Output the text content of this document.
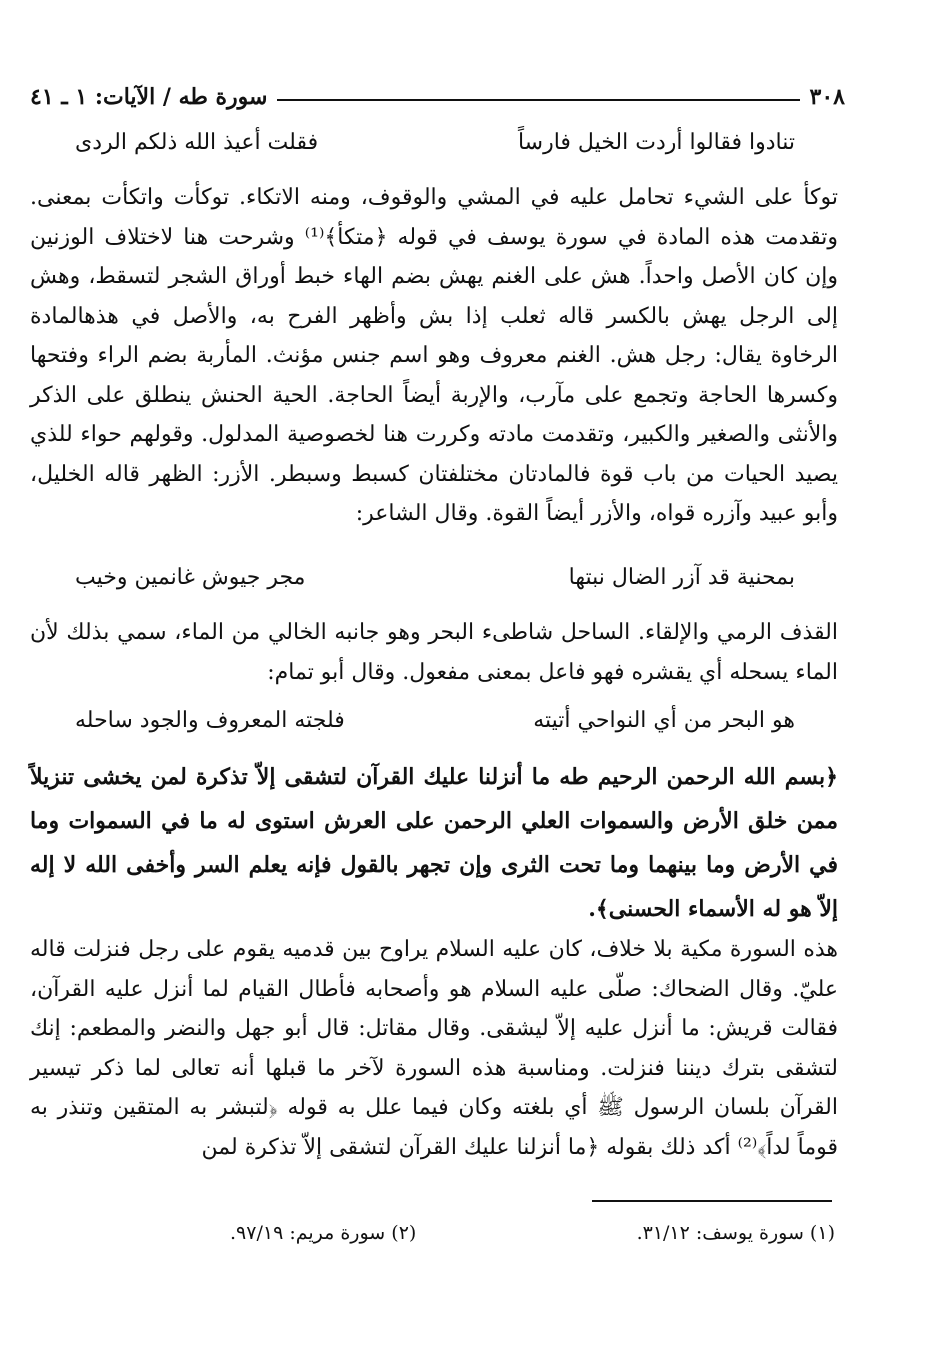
٣٠٨
سورة طه / الآيات: ١ ـ ٤١
تنادوا فقالوا أردت الخيل فارساً
فقلت أعيذ الله ذلكم الردى
توكأ على الشيء تحامل عليه في المشي والوقوف، ومنه الاتكاء. توكأت واتكأت بمعنى. وتقدمت هذه المادة في سورة يوسف في قوله ﴿متكأ﴾⁽¹⁾ وشرحت هنا لاختلاف الوزنين وإن كان الأصل واحداً. هش على الغنم يهش بضم الهاء خبط أوراق الشجر لتسقط، وهش إلى الرجل يهش بالكسر قاله ثعلب إذا بش وأظهر الفرح به، والأصل في هذهالمادة الرخاوة يقال: رجل هش. الغنم معروف وهو اسم جنس مؤنث. المأربة بضم الراء وفتحها وكسرها الحاجة وتجمع على مآرب، والإربة أيضاً الحاجة. الحية الحنش ينطلق على الذكر والأنثى والصغير والكبير، وتقدمت مادته وكررت هنا لخصوصية المدلول. وقولهم حواء للذي يصيد الحيات من باب قوة فالمادتان مختلفتان كسبط وسبطر. الأزر: الظهر قاله الخليل، وأبو عبيد وآزره قواه، والأزر أيضاً القوة. وقال الشاعر:
بمحنية قد آزر الضال نبتها
مجر جيوش غانمين وخيب
القذف الرمي والإلقاء. الساحل شاطىء البحر وهو جانبه الخالي من الماء، سمي بذلك لأن الماء يسحله أي يقشره فهو فاعل بمعنى مفعول. وقال أبو تمام:
هو البحر من أي النواحي أتيته
فلجته المعروف والجود ساحله
﴿بسم الله الرحمن الرحيم طه ما أنزلنا عليك القرآن لتشقى إلاّ تذكرة لمن يخشى تنزيلاً ممن خلق الأرض والسموات العلي الرحمن على العرش استوى له ما في السموات وما في الأرض وما بينهما وما تحت الثرى وإن تجهر بالقول فإنه يعلم السر وأخفى الله لا إله إلاّ هو له الأسماء الحسنى﴾.
هذه السورة مكية بلا خلاف، كان عليه السلام يراوح بين قدميه يقوم على رجل فنزلت قاله عليّ. وقال الضحاك: صلّى عليه السلام هو وأصحابه فأطال القيام لما أنزل عليه القرآن، فقالت قريش: ما أنزل عليه إلاّ ليشقى. وقال مقاتل: قال أبو جهل والنضر والمطعم: إنك لتشقى بترك ديننا فنزلت. ومناسبة هذه السورة لآخر ما قبلها أنه تعالى لما ذكر تيسير القرآن بلسان الرسول ﷺ أي بلغته وكان فيما علل به قوله ﴿لتبشر به المتقين وتنذر به قوماً لداً﴾⁽²⁾ أكد ذلك بقوله ﴿ما أنزلنا عليك القرآن لتشقى إلاّ تذكرة لمن
(١) سورة يوسف: ٣١/١٢.
(٢) سورة مريم: ٩٧/١٩.
